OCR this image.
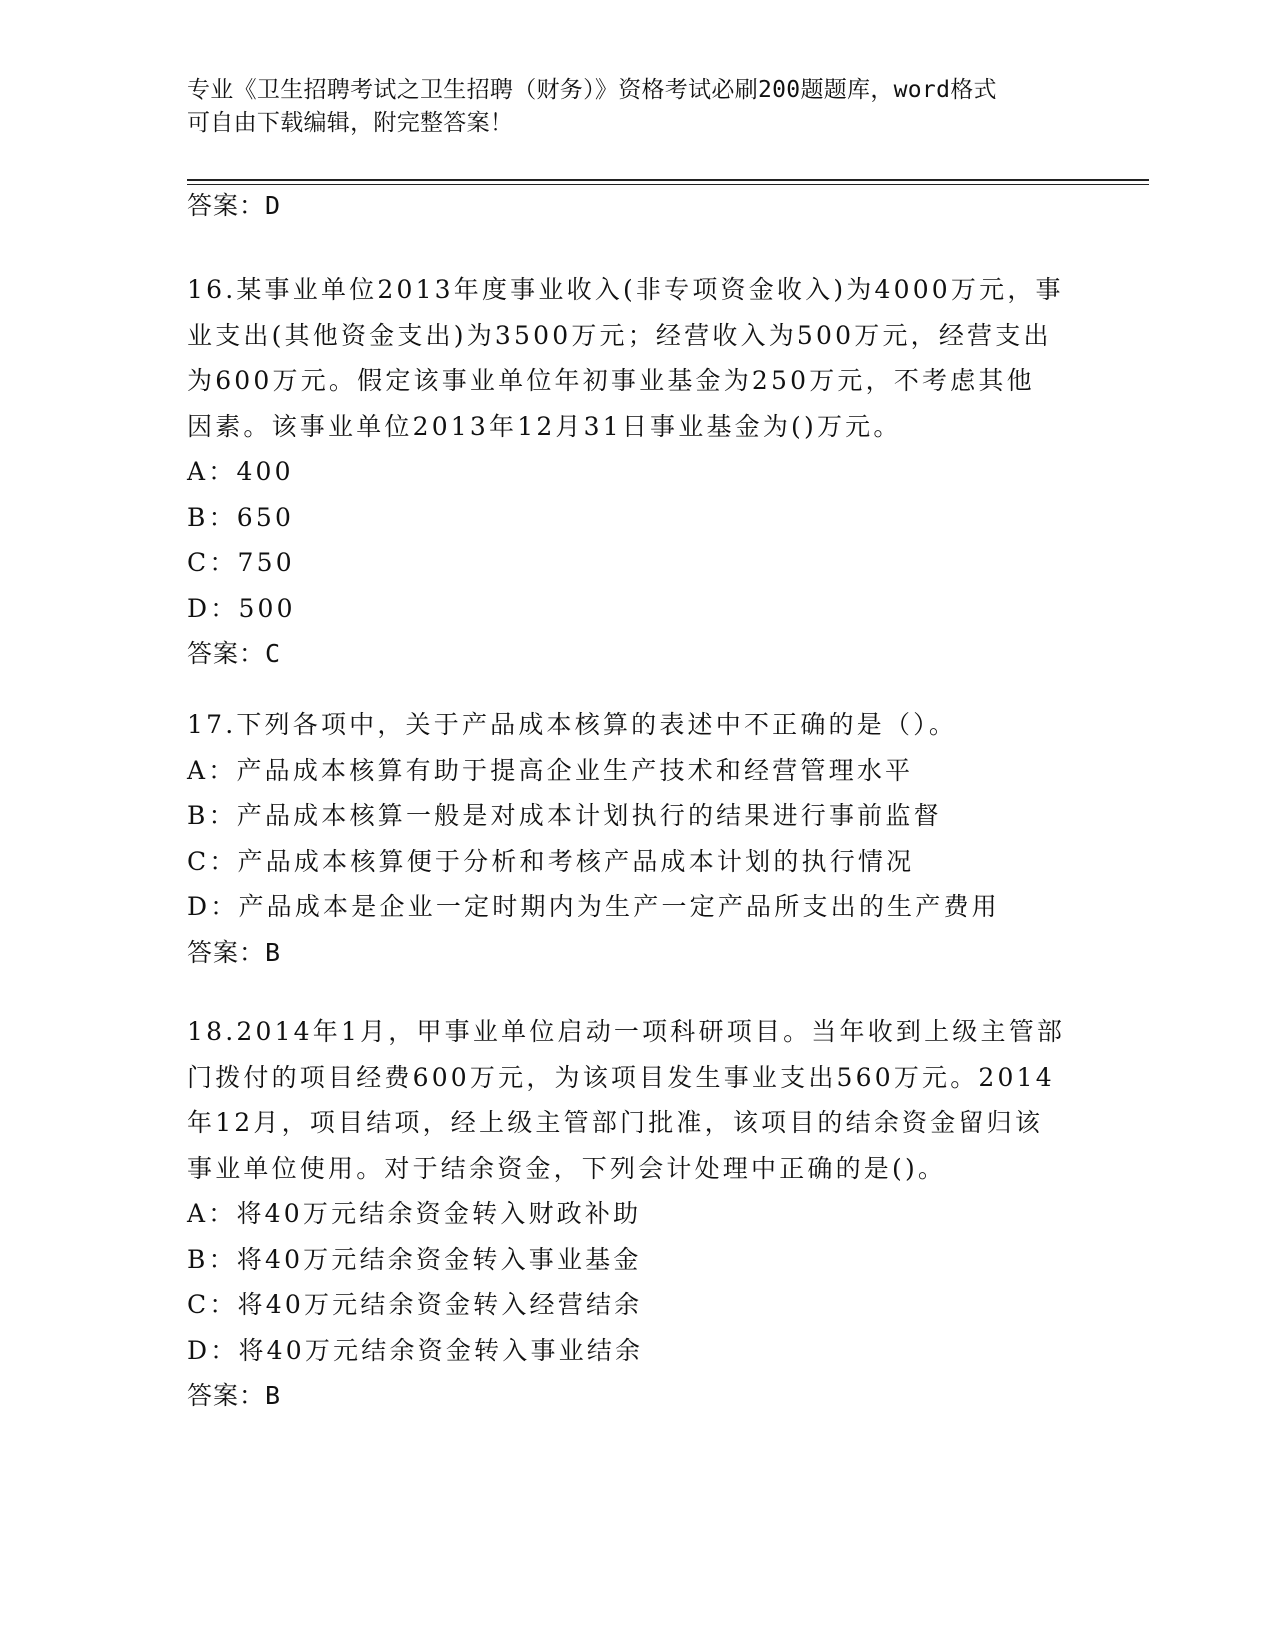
专业《卫生招聘考试之卫生招聘（财务）》资格考试必刷200题题库，word格式
可自由下载编辑，附完整答案！
答案：D

16.某事业单位2013年度事业收入(非专项资金收入)为4000万元，事

业支出(其他资金支出)为3500万元；经营收入为500万元，经营支出

为600万元。假定该事业单位年初事业基金为250万元，不考虑其他

因素。该事业单位2013年12月31日事业基金为()万元。

A：400

B：650

C：750

D：500

答案：C

17.下列各项中，关于产品成本核算的表述中不正确的是（）。

A：产品成本核算有助于提高企业生产技术和经营管理水平

B：产品成本核算一般是对成本计划执行的结果进行事前监督

C：产品成本核算便于分析和考核产品成本计划的执行情况

D：产品成本是企业一定时期内为生产一定产品所支出的生产费用

答案：B

18.2014年1月，甲事业单位启动一项科研项目。当年收到上级主管部

门拨付的项目经费600万元，为该项目发生事业支出560万元。2014

年12月，项目结项，经上级主管部门批准，该项目的结余资金留归该

事业单位使用。对于结余资金，下列会计处理中正确的是()。

A：将40万元结余资金转入财政补助

B：将40万元结余资金转入事业基金

C：将40万元结余资金转入经营结余

D：将40万元结余资金转入事业结余

答案：B
